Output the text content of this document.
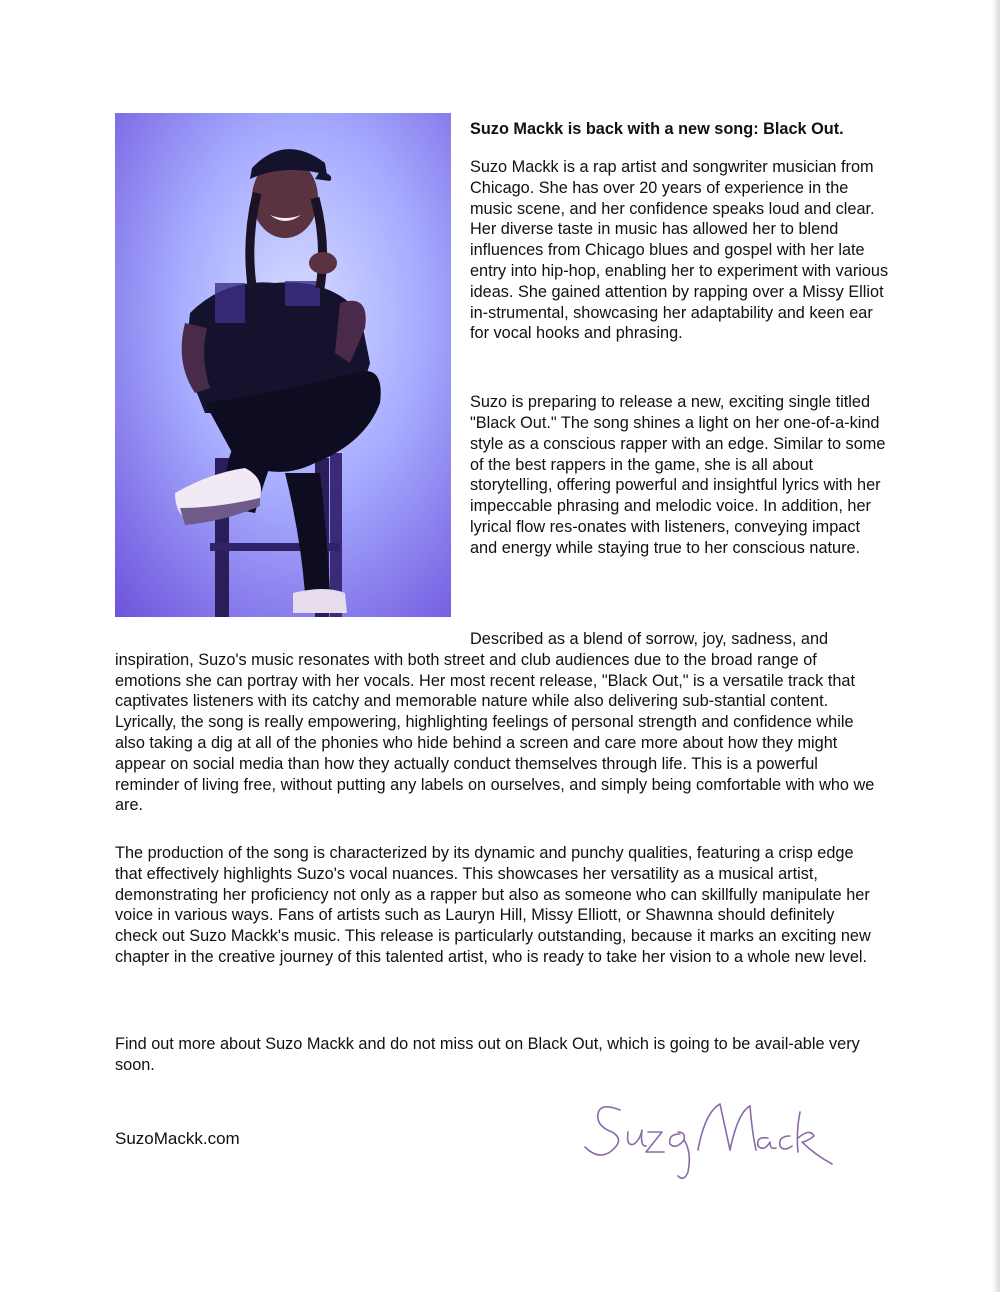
Suzo Mackk is back with a new song: Black Out.

Suzo Mackk is a rap artist and songwriter musician from Chicago. She has over 20 years of experience in the music scene, and her confidence speaks loud and clear. Her diverse taste in music has allowed her to blend influences from Chicago blues and gospel with her late entry into hip-hop, enabling her to experiment with various ideas. She gained attention by rapping over a Missy Elliot in-strumental, showcasing her adaptability and keen ear for vocal hooks and phrasing.

Suzo is preparing to release a new, exciting single titled "Black Out." The song shines a light on her one-of-a-kind style as a conscious rapper with an edge. Similar to some of the best rappers in the game, she is all about storytelling, offering powerful and insightful lyrics with her impeccable phrasing and melodic voice. In addition, her lyrical flow res-onates with listeners, conveying impact and energy while staying true to her conscious nature.

Described as a blend of sorrow, joy, sadness, and inspiration, Suzo's music resonates with both street and club audiences due to the broad range of emotions she can portray with her vocals. Her most recent release, "Black Out," is a versatile track that captivates listeners with its catchy and memorable nature while also delivering sub-stantial content. Lyrically, the song is really empowering, highlighting feelings of personal strength and confidence while also taking a dig at all of the phonies who hide behind a screen and care more about how they might appear on social media than how they actually conduct themselves through life. This is a powerful reminder of living free, without putting any labels on ourselves, and simply being comfortable with who we are.

The production of the song is characterized by its dynamic and punchy qualities, featuring a crisp edge that effectively highlights Suzo's vocal nuances. This showcases her versatility as a musical artist, demonstrating her proficiency not only as a rapper but also as someone who can skillfully manipulate her voice in various ways. Fans of artists such as Lauryn Hill, Missy Elliott, or Shawnna should definitely check out Suzo Mackk's music. This release is particularly outstanding, because it marks an exciting new chapter in the creative journey of this talented artist, who is ready to take her vision to a whole new level.

Find out more about Suzo Mackk and do not miss out on Black Out, which is going to be avail-able very soon.

SuzoMackk.com
